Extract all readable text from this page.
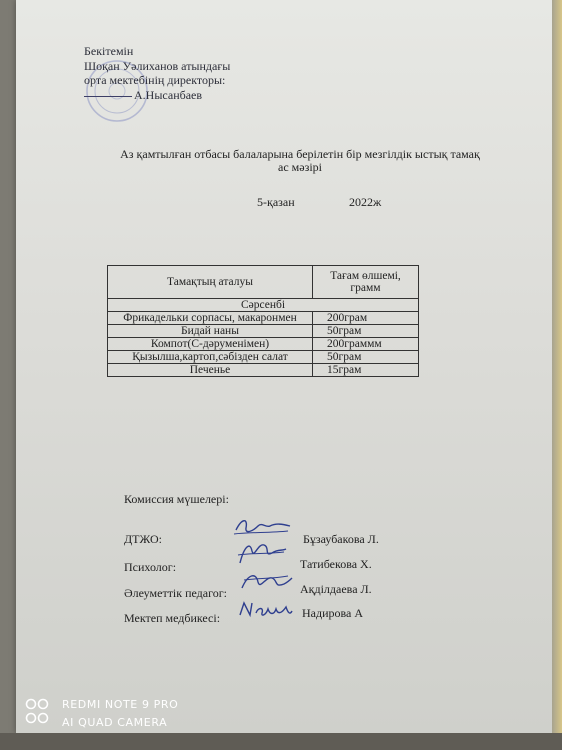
Бекітемін
Шоқан Уәлиханов атындағы
орта мектебінің директоры:
А.Нысанбаев
Аз қамтылған отбасы балаларына берілетін бір мезгілдік ыстық тамақ
ас мәзірі
5-қазан	2022ж
Тамақтың аталуы	Тағам өлшемі, грамм
Сәрсенбі	
Фрикадельки сорпасы, макаронмен	200грам
Бидай наны	50грам
Компот(С-дәруменімен)	200граммм
Қызылша,картоп,сәбізден салат	50грам
Печенье	15грам
Комиссия мүшелері:
ДТЖО:	Бұзаубакова Л.
Психолог:	Татибекова Х.
Әлеуметтік педагог:	Ақділдаева Л.
Мектеп медбикесі:	Надирова А
REDMI NOTE 9 PRO
AI QUAD CAMERA
